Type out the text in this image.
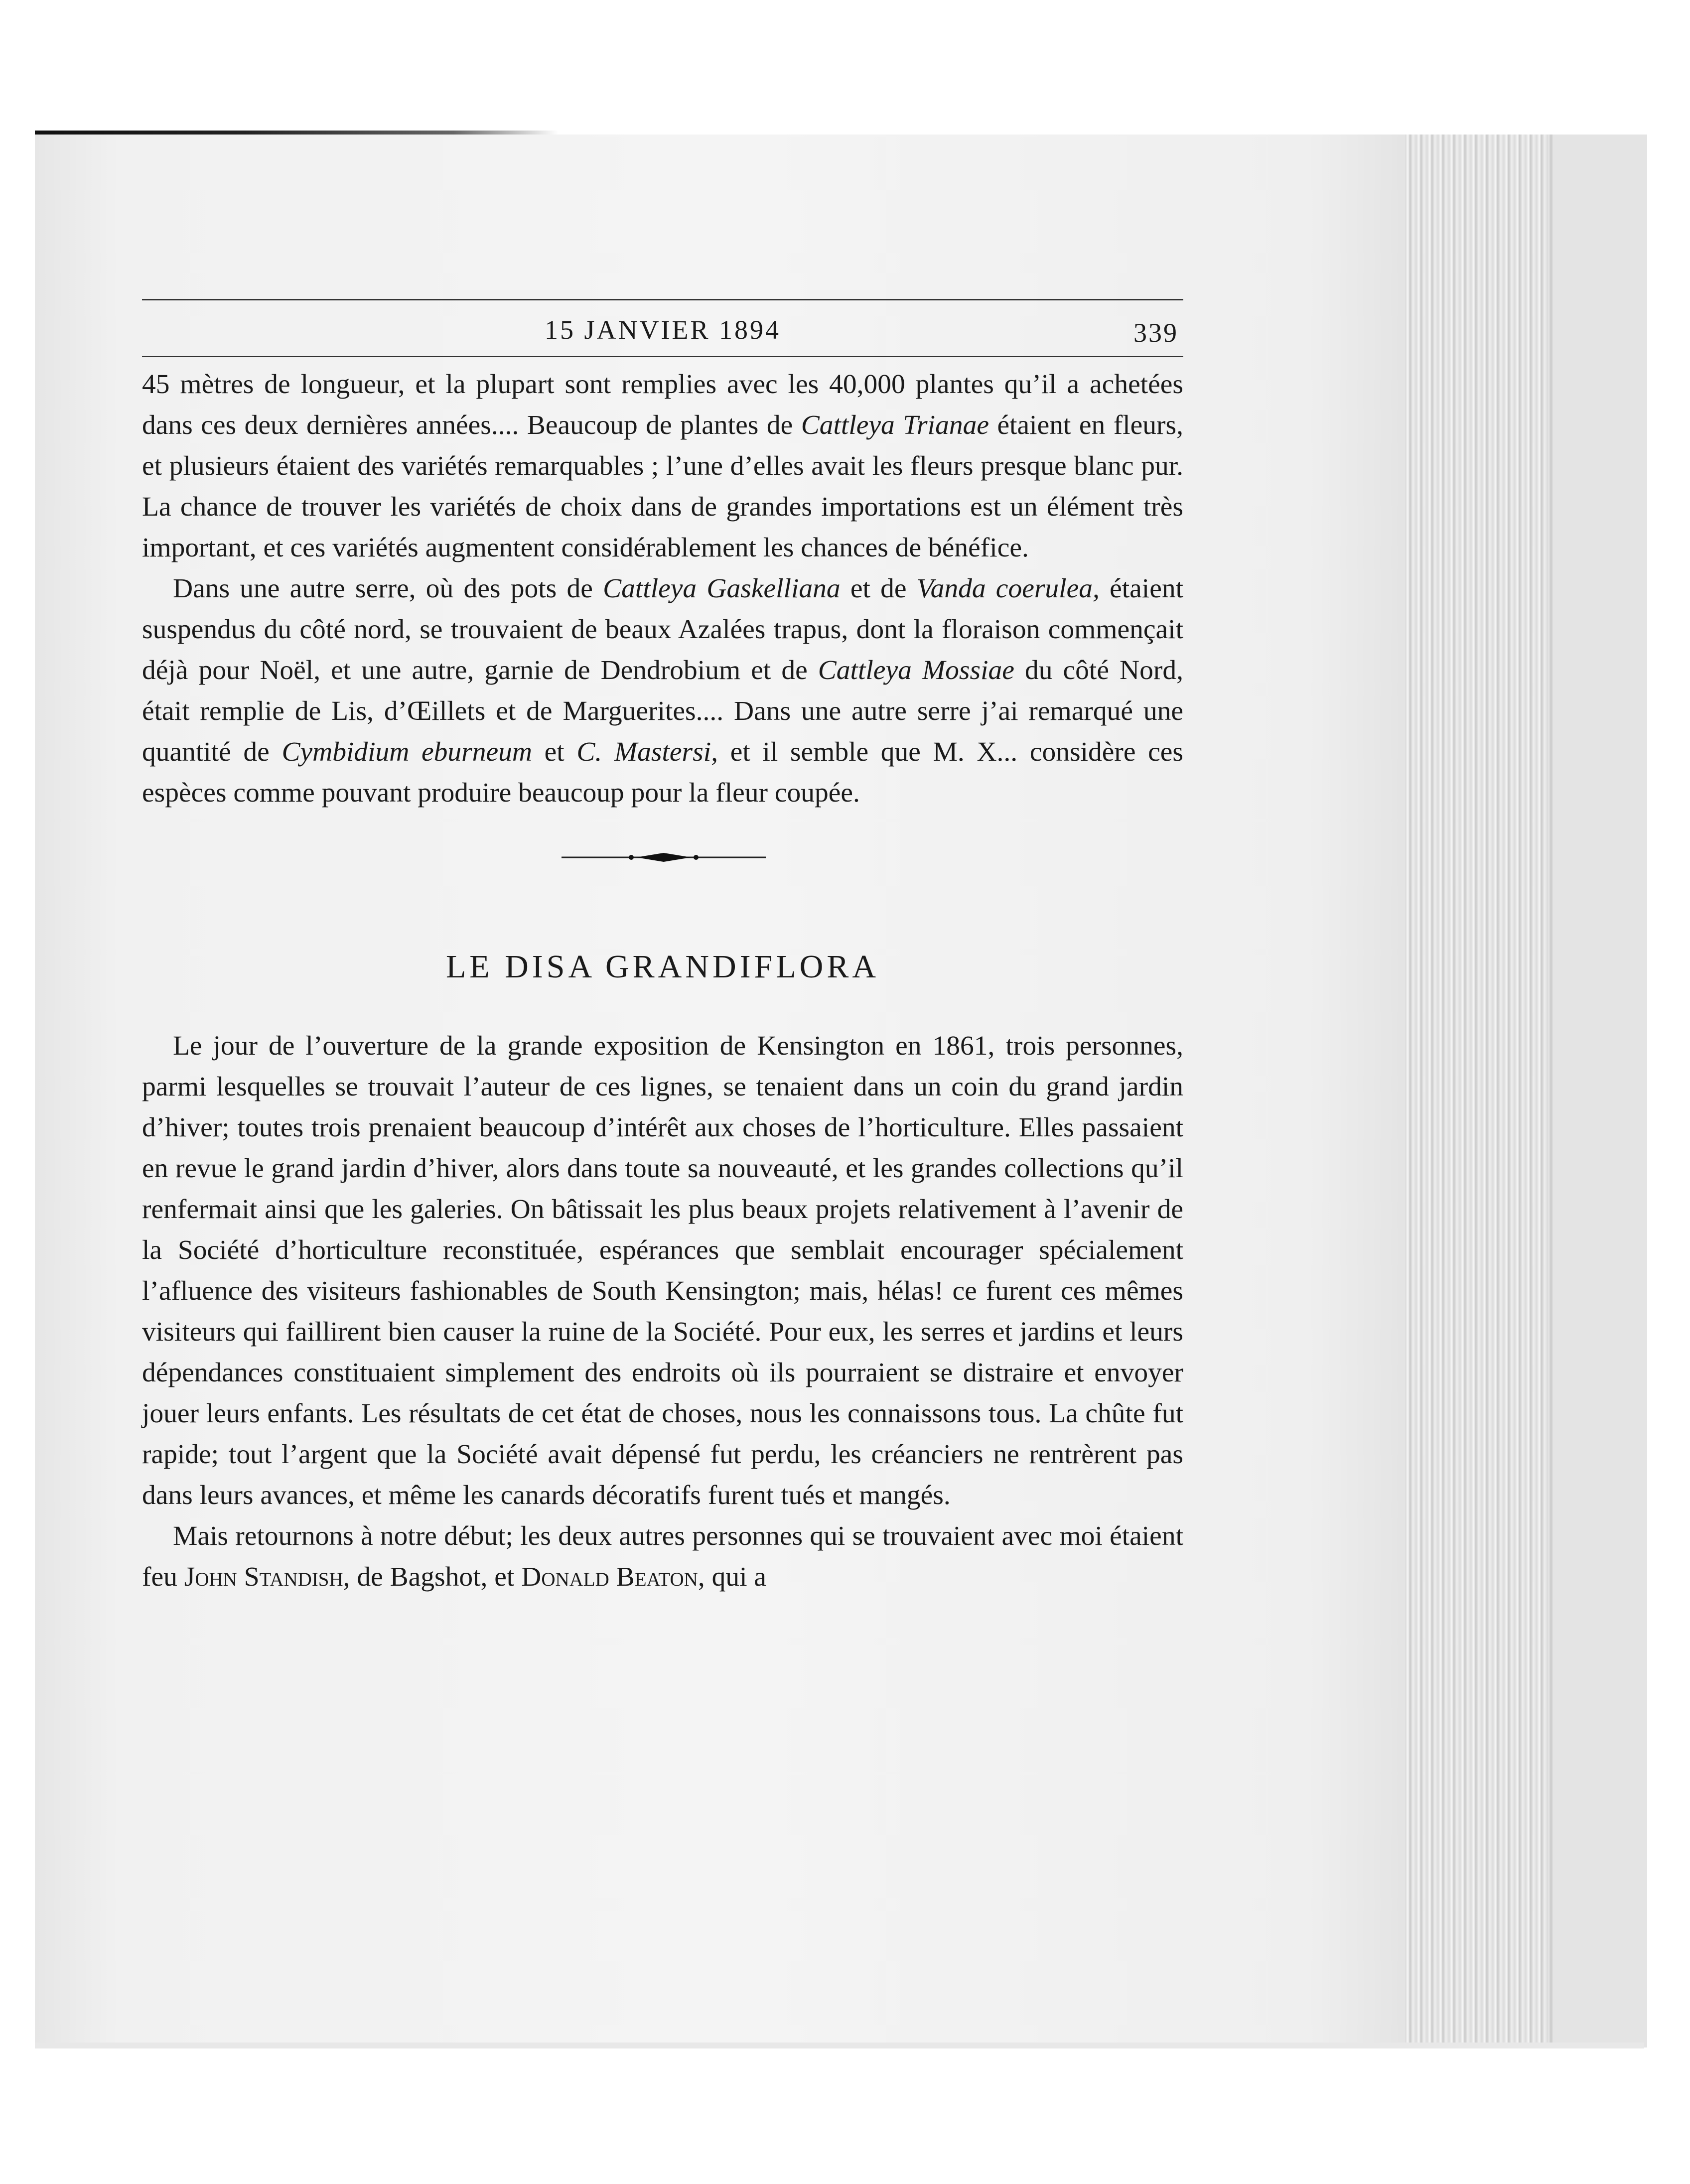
15 JANVIER 1894	339

45 mètres de longueur, et la plupart sont remplies avec les 40,000 plantes qu’il a achetées dans ces deux dernières années.... Beaucoup de plantes de Cattleya Trianae étaient en fleurs, et plusieurs étaient des variétés remarquables ; l’une d’elles avait les fleurs presque blanc pur. La chance de trouver les variétés de choix dans de grandes importations est un élément très important, et ces variétés augmentent considérablement les chances de bénéfice.

Dans une autre serre, où des pots de Cattleya Gaskelliana et de Vanda coerulea, étaient suspendus du côté nord, se trouvaient de beaux Azalées trapus, dont la floraison commençait déjà pour Noël, et une autre, garnie de Dendrobium et de Cattleya Mossiae du côté Nord, était remplie de Lis, d’Œillets et de Marguerites.... Dans une autre serre j’ai remarqué une quantité de Cymbidium eburneum et C. Mastersi, et il semble que M. X... considère ces espèces comme pouvant produire beaucoup pour la fleur coupée.

LE DISA GRANDIFLORA

Le jour de l’ouverture de la grande exposition de Kensington en 1861, trois personnes, parmi lesquelles se trouvait l’auteur de ces lignes, se tenaient dans un coin du grand jardin d’hiver; toutes trois prenaient beaucoup d’intérêt aux choses de l’horticulture. Elles passaient en revue le grand jardin d’hiver, alors dans toute sa nouveauté, et les grandes collections qu’il renfermait ainsi que les galeries. On bâtissait les plus beaux projets relativement à l’avenir de la Société d’horticulture reconstituée, espérances que semblait encourager spécialement l’afluence des visiteurs fashionables de South Kensington; mais, hélas! ce furent ces mêmes visiteurs qui faillirent bien causer la ruine de la Société. Pour eux, les serres et jardins et leurs dépendances constituaient simplement des endroits où ils pourraient se distraire et envoyer jouer leurs enfants. Les résultats de cet état de choses, nous les connaissons tous. La chûte fut rapide; tout l’argent que la Société avait dépensé fut perdu, les créanciers ne rentrèrent pas dans leurs avances, et même les canards décoratifs furent tués et mangés.

Mais retournons à notre début; les deux autres personnes qui se trouvaient avec moi étaient feu John Standish, de Bagshot, et Donald Beaton, qui a
